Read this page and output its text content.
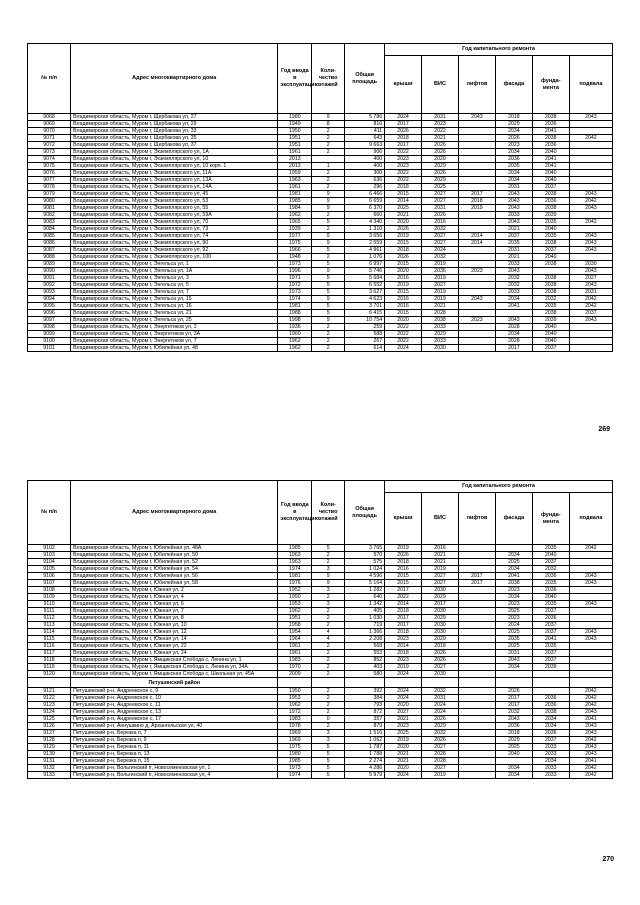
№ п/п	Адрес многоквартирного дома	Год ввода в эксплуатацию	Коли-чество этажей	Общая площадь	Год капитального ремонта					
					крыши	ВИС	лифтов	фасада	фунда-мента	подвала
9068	Владимирская область, Муром г, Щербакова ул, 27	1980	9	5 786	2024	2031	2043	2018	2038	2043
9069	Владимирская область, Муром г, Щербакова ул, 29	1949	8	816	2017	2023		2029	2036	
9070	Владимирская область, Муром г, Щербакова ул, 33	1950	2	411	2026	2022		2034	2041	
9071	Владимирская область, Муром г, Щербакова ул, 35	1951	2	643	2018	2021		2026	2038	2042
9072	Владимирская область, Муром г, Щербакова ул, 37	1951	2	9 663	2017	2026		2023	2036	
9073	Владимирская область, Муром г, Экземплярского ул, 1А	1961	2	906	2022	2026		2034	2040	
9074	Владимирская область, Муром г, Экземплярского ул, 10	2013		400	2023	2029		2036	2041	
9075	Владимирская область, Муром г, Экземплярского ул, 10 корп. 1	2013	1	400	2023	2029		2035	2041	
9076	Владимирская область, Муром г, Экземплярского ул, 11А	1959	2	300	2022	2026		2034	2040	
9077	Владимирская область, Муром г, Экземплярского ул, 13А	1963	2	636	2022	2029		2034	2040	
9078	Владимирская область, Муром г, Экземплярского ул, 14А	1961	2	296	2018	2025		2031	2037	
9079	Владимирская область, Муром г, Экземплярского ул, 45	1981	9	6 466	2015	2027	2017	2043	2038	2043
9080	Владимирская область, Муром г, Экземплярского ул, 53	1985	9	6 659	2014	2027	2018	2043	2036	2042
9081	Владимирская область, Муром г, Экземплярского ул, 55	1984	9	6 370	2025	2031	2019	2043	2038	2043
9082	Владимирская область, Муром г, Экземплярского ул, 59А	1962	2	660	2021	2026		2033	2039	
9083	Владимирская область, Муром г, Экземплярского ул, 70	1965	5	4 340	2020	2016		2043	2035	2042
9084	Владимирская область, Муром г, Экземплярского ул, 73	1939	2	1 310	2026	2032		2021	2040	
9085	Владимирская область, Муром г, Экземплярского ул, 74	1977	9	3 656	2019	2027	2014	2037	2035	2043
9086	Владимирская область, Муром г, Экземплярского ул, 90	1975	9	2 559	2015	2027	2014	2035	2038	2043
9087	Владимирская область, Муром г, Экземплярского ул, 92	1966	5	4 961	2018	2024		2031	2037	2043
9088	Владимирская область, Муром г, Экземплярского ул, 100	1948	2	1 076	2026	2032		2021	2040	
9089	Владимирская область, Муром г, Энгельса ул, 1	1973	5	6 997	2015	2019		2033	2038	2030
9090	Владимирская область, Муром г, Энгельса ул, 1А	1996	9	5 746	2020	2036	2023	2043		2043
9091	Владимирская область, Муром г, Энгельса ул, 3	1971	5	5 684	2016	2019		2032	2038	2027
9092	Владимирская область, Муром г, Энгельса ул, 5	1972	5	6 552	2019	2027		2032	2038	2043
9093	Владимирская область, Муром г, Энгельса ул, 7	1973	5	3 627	2015	2019		2033	2038	2031
9094	Владимирская область, Муром г, Энгельса ул, 15	1974	9	4 623	2016	2019	2043	2034	2032	2042
9095	Владимирская область, Муром г, Энгельса ул, 16	1981	5	3 701	2016	2021		2041	2035	2042
9096	Владимирская область, Муром г, Энгельса ул, 21	1988	5	6 415	2015	2028			2038	2037
9097	Владимирская область, Муром г, Энгельса ул, 25	1998	9	10 754	2020	2038	2023	2043	2039	2043
9098	Владимирская область, Муром г, Энергетиков ул, 2	1936	2	259	2022	2033		2028	2040	
9099	Владимирская область, Муром г, Энергетиков ул, 3А	1960	2	588	2022	2029		2034	2040	
9100	Владимирская область, Муром г, Энергетиков ул, 7	1962	2	267	2022	2033		2028	2040	
9101	Владимирская область, Муром г, Юбилейная ул, 48	1962	2	614	2024	2030		2017	2037	
269
№ п/п	Адрес многоквартирного дома	Год ввода в эксплуатацию	Коли-чество этажей	Общая площадь	Год капитального ремонта					
					крыши	ВИС	лифтов	фасада	фунда-мента	подвала
9102	Владимирская область, Муром г, Юбилейная ул, 48А	1985	5	3 765	2019	2016			2035	2042
9103	Владимирская область, Муром г, Юбилейная ул, 50	1963	2	570	2026	2021		2034	2040	
9104	Владимирская область, Муром г, Юбилейная ул, 52	1963	2	575	2018	2021		2025	2037	
9105	Владимирская область, Муром г, Юбилейная ул, 54	1974	3	1 024	2016	2019		2034	2032	
9106	Владимирская область, Муром г, Юбилейная ул, 56	1981	9	4 596	2015	2027	2017	2041	2036	2043
9107	Владимирская область, Муром г, Юбилейная ул, 58	1976	9	5 164	2015	2027	2017	2038	2035	2043
9108	Владимирская область, Муром г, Южная ул, 2	1952	3	1 282	2017	2030		2023	2036	
9109	Владимирская область, Муром г, Южная ул, 4	1950	2	640	2022	2029		2034	2040	
9110	Владимирская область, Муром г, Южная ул, 6	1953	3	1 342	2014	2017		2023	2035	2043
9111	Владимирская область, Муром г, Южная ул, 7	1962	2	405	2018	2030		2025	2037	
9112	Владимирская область, Муром г, Южная ул, 8	1951	2	1 030	2017	2029		2023	2036	
9113	Владимирская область, Муром г, Южная ул, 10	1958	2	719	2017	2030		2024	2037	
9114	Владимирская область, Муром г, Южная ул, 12	1954	4	1 366	2018	2030		2025	2037	2043
9115	Владимирская область, Муром г, Южная ул, 14	1964	4	2 208	2023	2029		2035	2041	2043
9116	Владимирская область, Муром г, Южная ул, 22	1961	2	568	2014	2018		2025	2035	
9117	Владимирская область, Муром г, Южная ул, 24	1961	2	553	2018	2026		2031	2037	
9118	Владимирская область, Муром г, Ямщикская Слобода с, Ленина ул, 1	1983	2	852	2023	2026		2043	2037	
9119	Владимирская область, Муром г, Ямщикская Слобода с, Ленина ул, 34А	1970	2	403	2019	2027		2034	2039	
9120	Владимирская область, Муром г, Ямщикская Слобода с, Школьная ул, 45А	2009	2	580	2024	2030				
	Петушинский район									
9121	Петушинский р-н, Андреевское с, 9	1950	2	392	2024	2032		2026		2042
9122	Петушинский р-н, Андреевское с, 10	1953	2	384	2024	2031		2017	2036	2042
9123	Петушинский р-н, Андреевское с, 11	1962	2	793	2020	2024		2017	2036	2042
9124	Петушинский р-н, Андреевское с, 13	1972	2	872	2027	2024		2032	2038	2043
9125	Петушинский р-н, Андреевское с, 17	1983	0	357	2021	2026		2043	2034	2041
9126	Петушинский р-н, Аннушкино д, Архангельская ул, 40	1978	2	879	2023	2029		2036	2034	2043
9127	Петушинский р-н, Березка п, 7	1969	3	1 516	2025	2032		2018	2036	2043
9128	Петушинский р-н, Березка п, 9	1969	3	1 062	2019	2026		2029	2037	2042
9129	Петушинский р-н, Березка п, 11	1975	5	1 787	2020	2027		2025	2033	2043
9130	Петушинский р-н, Березка п, 13	1980	5	1 788	2021	2028		2040	2033	2043
9131	Петушинский р-н, Березка п, 15	1985	5	2 274	2021	2028			2034	2041
9132	Петушинский р-н, Вольгинский п, Новосеменовская ул, 1	1973	5	4 286	2020	2027		2034	2033	2042
9133	Петушинский р-н, Вольгинский п, Новосеменовская ул, 4	1974	5	5 979	2024	2019		2034	2033	2042
270
